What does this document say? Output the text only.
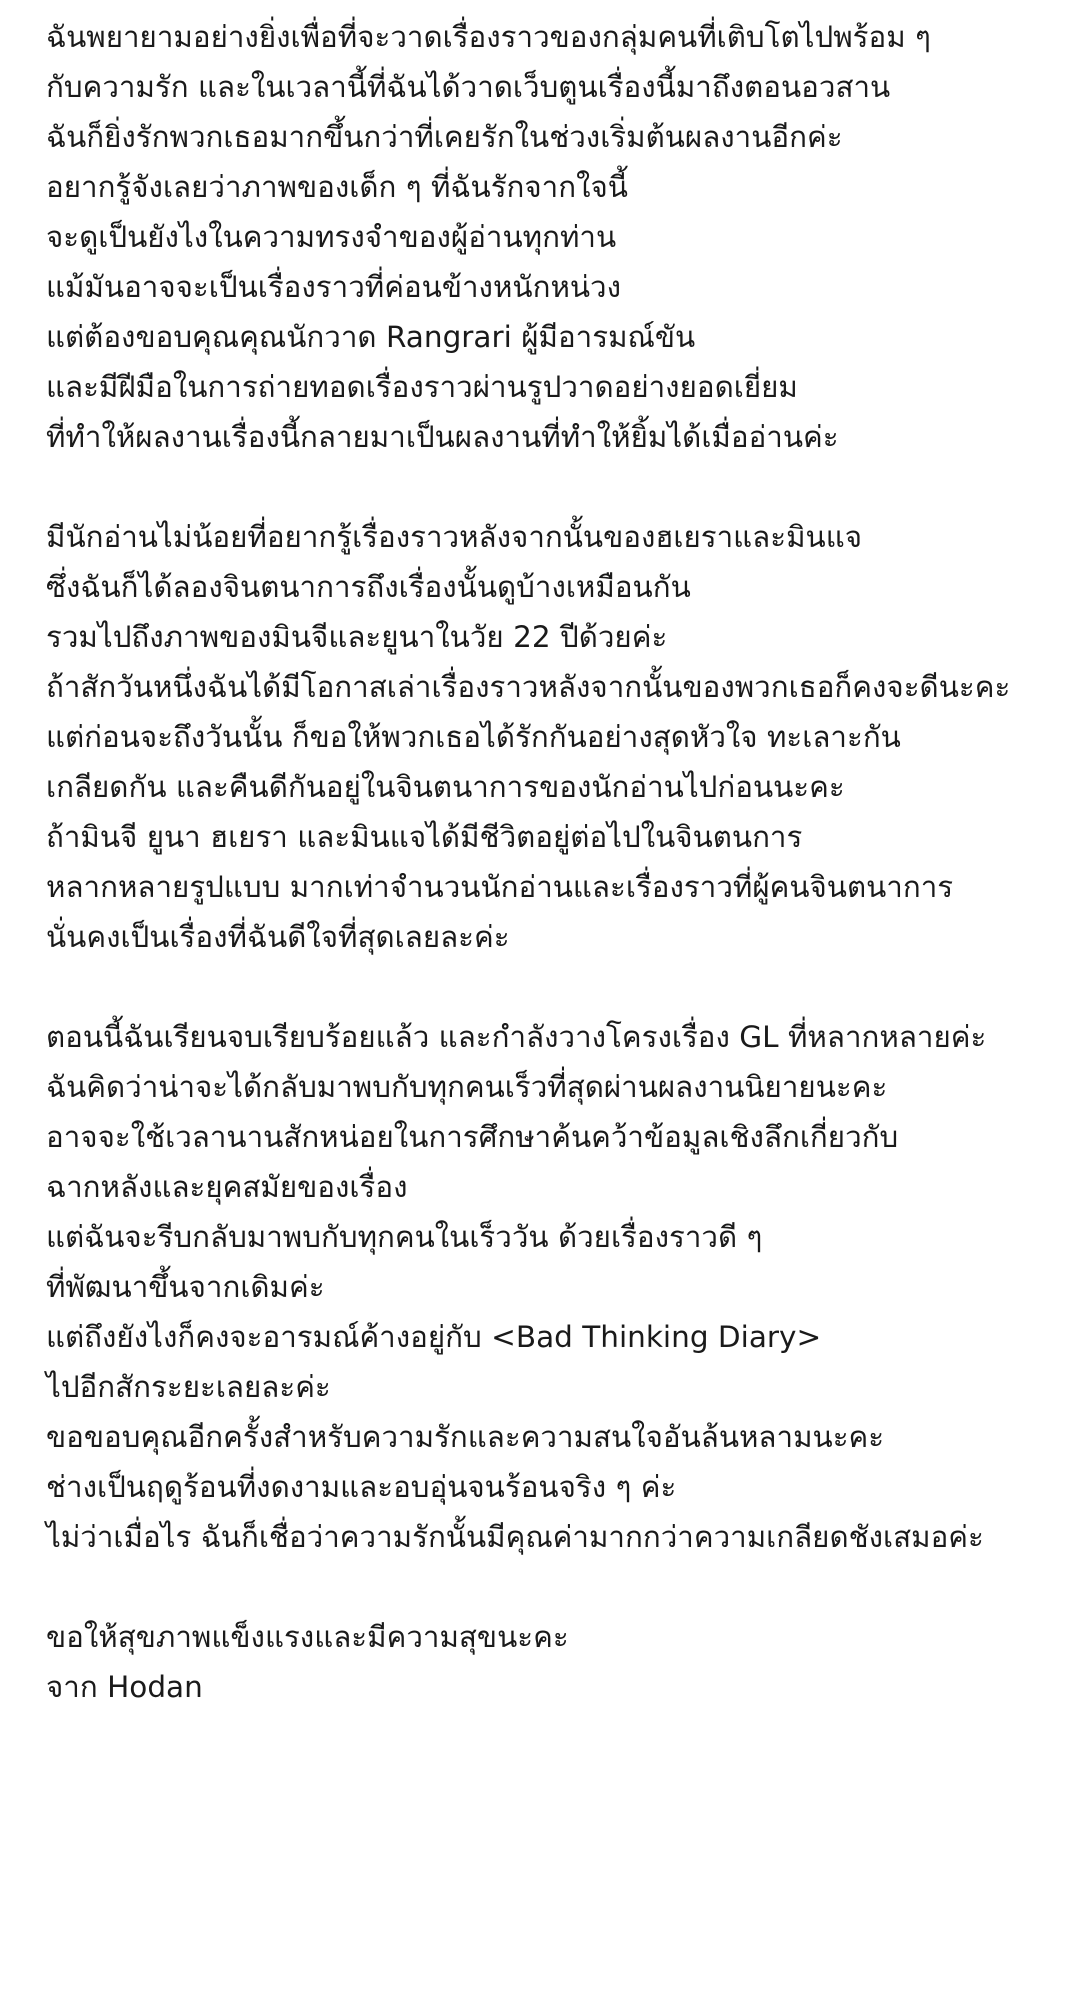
ฉันพยายามอย่างยิ่งเพื่อที่จะวาดเรื่องราวของกลุ่มคนที่เติบโตไปพร้อม ๆ
กับความรัก และในเวลานี้ที่ฉันได้วาดเว็บตูนเรื่องนี้มาถึงตอนอวสาน
ฉันก็ยิ่งรักพวกเธอมากขึ้นกว่าที่เคยรักในช่วงเริ่มต้นผลงานอีกค่ะ
อยากรู้จังเลยว่าภาพของเด็ก ๆ ที่ฉันรักจากใจนี้
จะดูเป็นยังไงในความทรงจำของผู้อ่านทุกท่าน
แม้มันอาจจะเป็นเรื่องราวที่ค่อนข้างหนักหน่วง
แต่ต้องขอบคุณคุณนักวาด Rangrari ผู้มีอารมณ์ขัน
และมีฝีมือในการถ่ายทอดเรื่องราวผ่านรูปวาดอย่างยอดเยี่ยม
ที่ทำให้ผลงานเรื่องนี้กลายมาเป็นผลงานที่ทำให้ยิ้มได้เมื่ออ่านค่ะ
มีนักอ่านไม่น้อยที่อยากรู้เรื่องราวหลังจากนั้นของฮเยราและมินแจ
ซึ่งฉันก็ได้ลองจินตนาการถึงเรื่องนั้นดูบ้างเหมือนกัน
รวมไปถึงภาพของมินจีและยูนาในวัย 22 ปีด้วยค่ะ
ถ้าสักวันหนึ่งฉันได้มีโอกาสเล่าเรื่องราวหลังจากนั้นของพวกเธอก็คงจะดีนะคะ
แต่ก่อนจะถึงวันนั้น ก็ขอให้พวกเธอได้รักกันอย่างสุดหัวใจ ทะเลาะกัน
เกลียดกัน และคืนดีกันอยู่ในจินตนาการของนักอ่านไปก่อนนะคะ
ถ้ามินจี ยูนา ฮเยรา และมินแจได้มีชีวิตอยู่ต่อไปในจินตนการ
หลากหลายรูปแบบ มากเท่าจำนวนนักอ่านและเรื่องราวที่ผู้คนจินตนาการ
นั่นคงเป็นเรื่องที่ฉันดีใจที่สุดเลยละค่ะ
ตอนนี้ฉันเรียนจบเรียบร้อยแล้ว และกำลังวางโครงเรื่อง GL ที่หลากหลายค่ะ
ฉันคิดว่าน่าจะได้กลับมาพบกับทุกคนเร็วที่สุดผ่านผลงานนิยายนะคะ
อาจจะใช้เวลานานสักหน่อยในการศึกษาค้นคว้าข้อมูลเชิงลึกเกี่ยวกับ
ฉากหลังและยุคสมัยของเรื่อง
แต่ฉันจะรีบกลับมาพบกับทุกคนในเร็ววัน ด้วยเรื่องราวดี ๆ
ที่พัฒนาขึ้นจากเดิมค่ะ
แต่ถึงยังไงก็คงจะอารมณ์ค้างอยู่กับ <Bad Thinking Diary>
ไปอีกสักระยะเลยละค่ะ
ขอขอบคุณอีกครั้งสำหรับความรักและความสนใจอันล้นหลามนะคะ
ช่างเป็นฤดูร้อนที่งดงามและอบอุ่นจนร้อนจริง ๆ ค่ะ
ไม่ว่าเมื่อไร ฉันก็เชื่อว่าความรักนั้นมีคุณค่ามากกว่าความเกลียดชังเสมอค่ะ
ขอให้สุขภาพแข็งแรงและมีความสุขนะคะ
จาก Hodan
